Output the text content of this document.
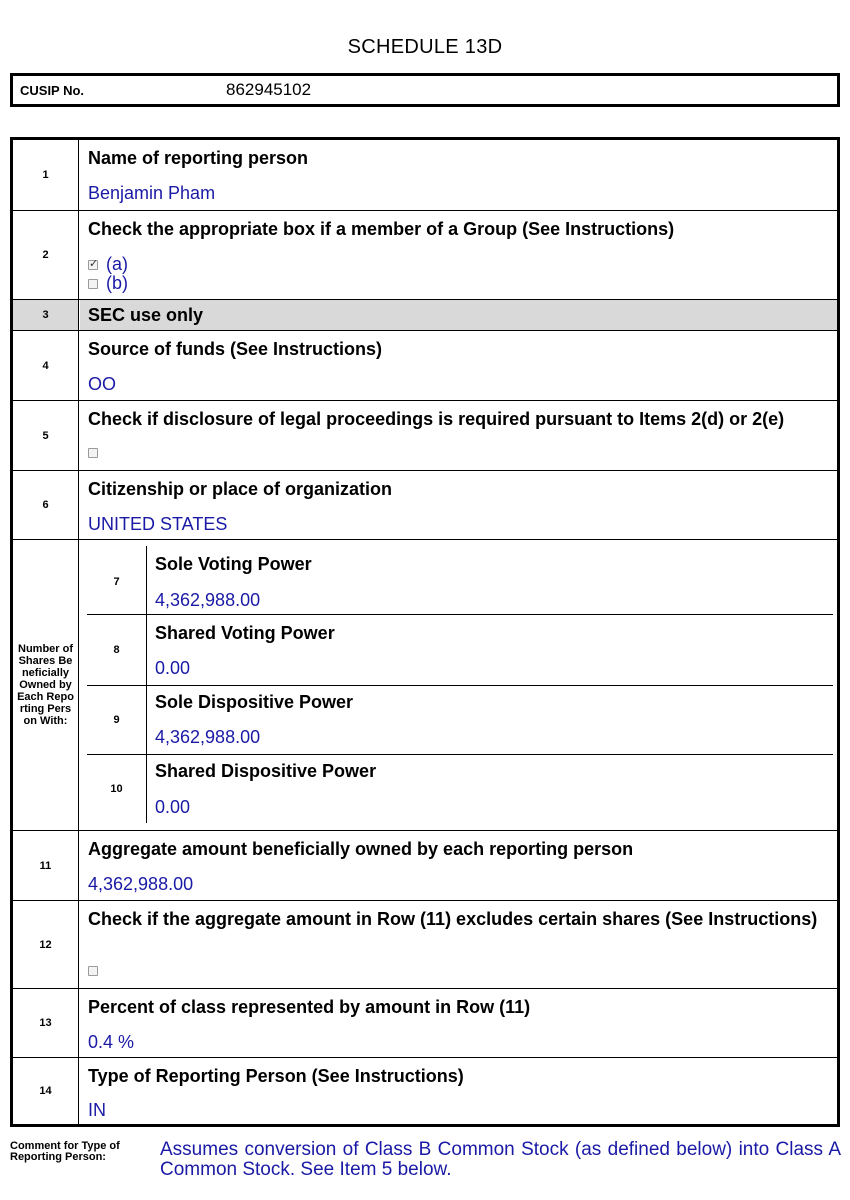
SCHEDULE 13D
CUSIP No.	862945102
1
Name of reporting person
Benjamin Pham
2
Check the appropriate box if a member of a Group (See Instructions)
✓ (a)
(b)
3	SEC use only
4
Source of funds (See Instructions)
OO
5
Check if disclosure of legal proceedings is required pursuant to Items 2(d) or 2(e)
6
Citizenship or place of organization
UNITED STATES
Number of Shares Beneficially Owned by Each Reporting Person With:
7
Sole Voting Power
4,362,988.00
8
Shared Voting Power
0.00
9
Sole Dispositive Power
4,362,988.00
10
Shared Dispositive Power
0.00
11
Aggregate amount beneficially owned by each reporting person
4,362,988.00
12
Check if the aggregate amount in Row (11) excludes certain shares (See Instructions)
13
Percent of class represented by amount in Row (11)
0.4 %
14
Type of Reporting Person (See Instructions)
IN
Comment for Type of Reporting Person:	Assumes conversion of Class B Common Stock (as defined below) into Class A Common Stock. See Item 5 below.
